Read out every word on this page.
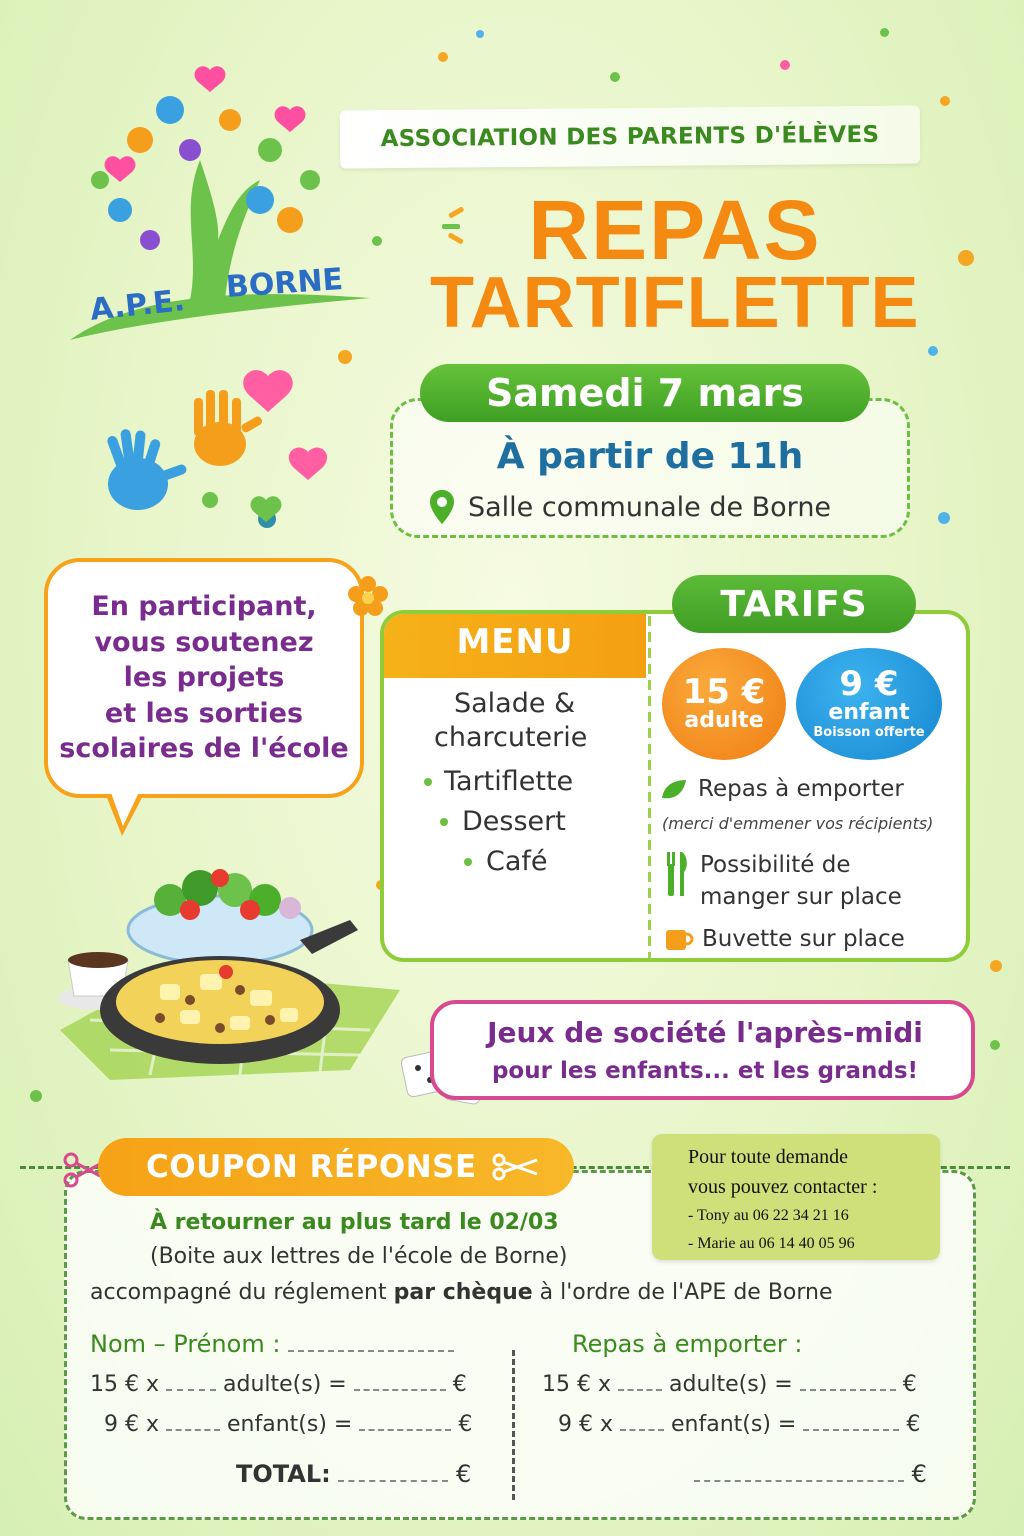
A.P.E. BORNE
ASSOCIATION DES PARENTS D'ÉLÈVES
REPAS
TARTIFLETTE
Samedi 7 mars
À partir de 11h
Salle communale de Borne
En participant,
vous soutenez
les projets
et les sorties
scolaires de l'école
MENU
Salade &
charcuterie
Tartiflette
Dessert
Café
TARIFS
15 €
adulte
9 €
enfant
Boisson offerte
Repas à emporter
(merci d'emmener vos récipients)
Possibilité de
manger sur place
Buvette sur place
Jeux de société l'après-midi
pour les enfants... et les grands!
COUPON RÉPONSE	Pour toute demande
vous pouvez contacter :
- Tony au 06 22 34 21 16
- Marie au 06 14 40 05 96
À retourner au plus tard le 02/03
(Boite aux lettres de l'école de Borne)
accompagné du réglement par chèque à l'ordre de l'APE de Borne
Nom – Prénom :
15 € x	adulte(s) =	€
9 € x	enfant(s) =	€
TOTAL:	€
Repas à emporter :
15 € x	adulte(s) =	€
9 € x	enfant(s) =	€
€
